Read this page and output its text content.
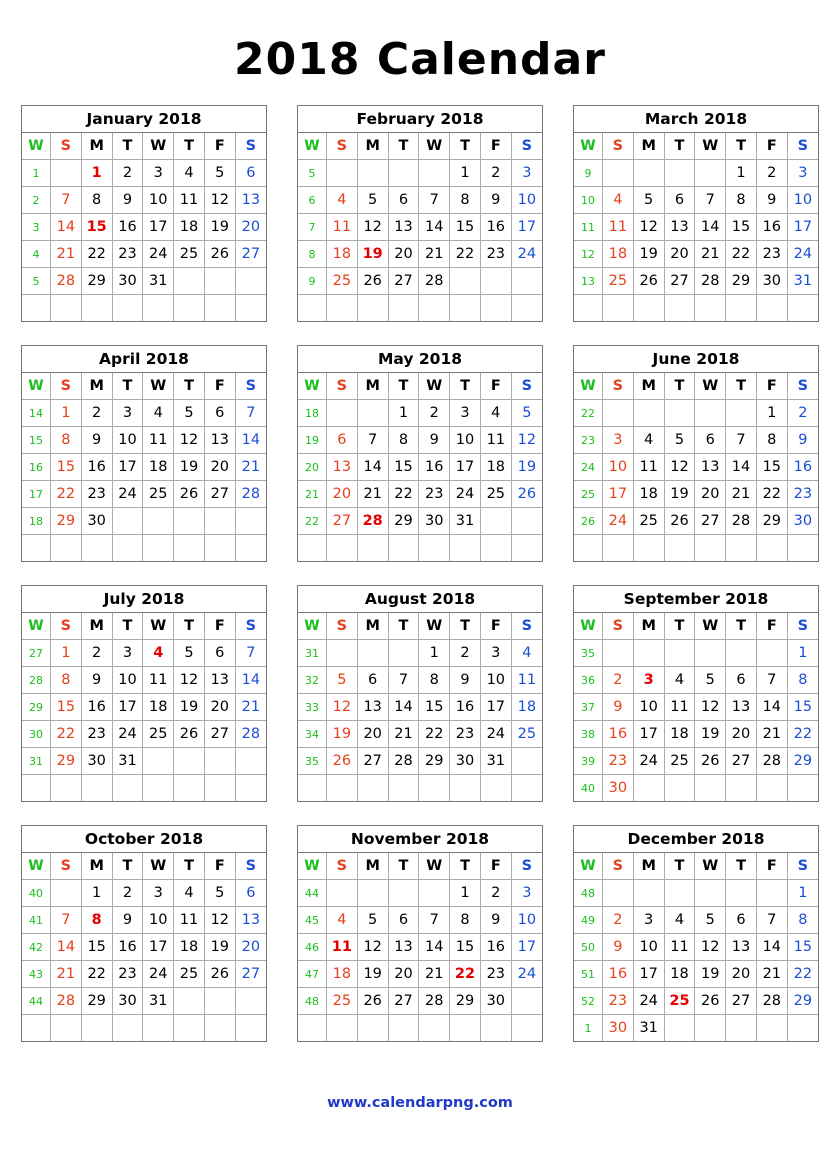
2018 Calendar
January 2018
W	S	M	T	W	T	F	S
1		1	2	3	4	5	6
2	7	8	9	10	11	12	13
3	14	15	16	17	18	19	20
4	21	22	23	24	25	26	27
5	28	29	30	31			

February 2018
W	S	M	T	W	T	F	S
5					1	2	3
6	4	5	6	7	8	9	10
7	11	12	13	14	15	16	17
8	18	19	20	21	22	23	24
9	25	26	27	28			

March 2018
W	S	M	T	W	T	F	S
9					1	2	3
10	4	5	6	7	8	9	10
11	11	12	13	14	15	16	17
12	18	19	20	21	22	23	24
13	25	26	27	28	29	30	31

April 2018
W	S	M	T	W	T	F	S
14	1	2	3	4	5	6	7
15	8	9	10	11	12	13	14
16	15	16	17	18	19	20	21
17	22	23	24	25	26	27	28
18	29	30					

May 2018
W	S	M	T	W	T	F	S
18			1	2	3	4	5
19	6	7	8	9	10	11	12
20	13	14	15	16	17	18	19
21	20	21	22	23	24	25	26
22	27	28	29	30	31		

June 2018
W	S	M	T	W	T	F	S
22						1	2
23	3	4	5	6	7	8	9
24	10	11	12	13	14	15	16
25	17	18	19	20	21	22	23
26	24	25	26	27	28	29	30

July 2018
W	S	M	T	W	T	F	S
27	1	2	3	4	5	6	7
28	8	9	10	11	12	13	14
29	15	16	17	18	19	20	21
30	22	23	24	25	26	27	28
31	29	30	31				

August 2018
W	S	M	T	W	T	F	S
31				1	2	3	4
32	5	6	7	8	9	10	11
33	12	13	14	15	16	17	18
34	19	20	21	22	23	24	25
35	26	27	28	29	30	31	

September 2018
W	S	M	T	W	T	F	S
35							1
36	2	3	4	5	6	7	8
37	9	10	11	12	13	14	15
38	16	17	18	19	20	21	22
39	23	24	25	26	27	28	29
40	30						
October 2018
W	S	M	T	W	T	F	S
40		1	2	3	4	5	6
41	7	8	9	10	11	12	13
42	14	15	16	17	18	19	20
43	21	22	23	24	25	26	27
44	28	29	30	31			

November 2018
W	S	M	T	W	T	F	S
44					1	2	3
45	4	5	6	7	8	9	10
46	11	12	13	14	15	16	17
47	18	19	20	21	22	23	24
48	25	26	27	28	29	30	

December 2018
W	S	M	T	W	T	F	S
48							1
49	2	3	4	5	6	7	8
50	9	10	11	12	13	14	15
51	16	17	18	19	20	21	22
52	23	24	25	26	27	28	29
1	30	31					
www.calendarpng.com
